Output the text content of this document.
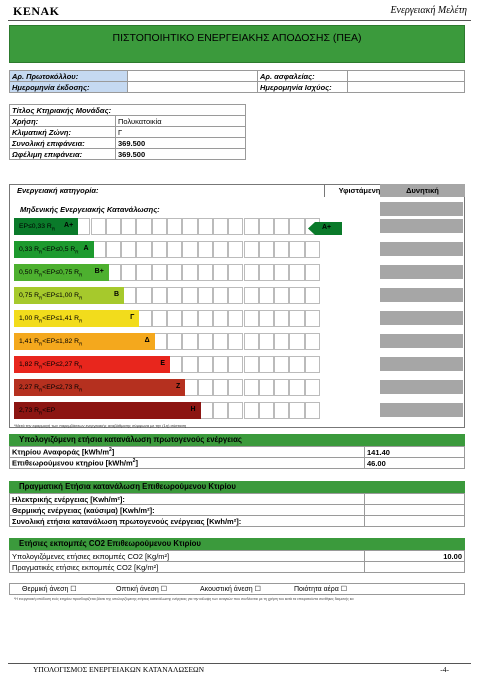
KENAK	Ενεργειακή Μελέτη
ΠΙΣΤΟΠΟΙΗΤΙΚΟ ΕΝΕΡΓΕΙΑΚΗΣ ΑΠΟΔΟΣΗΣ (ΠΕΑ)
Αρ. Πρωτοκόλλου:		Αρ. ασφαλείας:	
Ημερομηνία έκδοσης:		Ημερομηνία Ισχύος:	
Τίτλος Κτηριακής Μονάδας:		
Χρήση:	Πολυκατοικία	
Κλιματική Ζώνη:	Γ	
Συνολική επιφάνεια:	369.500	
Ωφέλιμη επιφάνεια:	369.500	
Ενεργειακή κατηγορία:	Υφιστάμενη	Δυνητική
Μηδενικής Ενεργειακής Κατανάλωσης:
EP≤0,33 $R_R$ A+
0,33 $R_R<EP\le 0,5$ $R_R$ A
0,50 $R_R<EP\le 0,75$ $R_R$ B+
0,75 $R_R<EP\le 1,00$ $R_R$	B
1,00 $R_R<EP\le 1,41$ $R_R$	Γ
1,41 $R_R<EP\le 1,82$ $R_R$	Δ
1,82 $R_R<EP\le 2,27$ $R_R$	Ε
2,27 $R_R<EP\le 2,73$ $R_R$	Ζ
2,73 $R_R<EP$	Η
A+
*Μετά την εφαρμογή των παρεμβάσεων ενεργειακής αναβάθμισης σύμφωνα με την (1η) σύσταση
Υπολογιζόμενη ετήσια κατανάλωση πρωτογενούς ενέργειας
Κτηρίου Αναφοράς $[kWh/m^2]$	141.40
Επιθεωρούμενου κτηρίου $[kWh/m^2]$	46.00
Πραγματική Ετήσια κατανάλωση Επιθεωρούμενου Κτιρίου
Ηλεκτρικής ενέργειας [Kwh/m²]:	
Θερμικής ενέργειας (καύσιμα) [Kwh/m²]:	
Συνολική ετήσια κατανάλωση πρωτογενούς ενέργειας [Kwh/m²]:	
Ετήσιες εκπομπές CO2 Επιθεωρούμενου Κτιρίου
Υπολογιζόμενες ετήσιες εκπομπές CO2 [Kg/m²]	10.00
Πραγματικές ετήσιες εκπομπές CO2 [Kg/m²]	
Θερμική άνεση ☐	Οπτική άνεση ☐	Ακουστική άνεση ☐	Ποιότητα αέρα ☐
*Η ενεργειακή απόδοση ενός κτηρίου προσδιορίζεται βάσει της υπολογιζόμενης ετήσιας κατανάλωσης ενέργειας για την κάλυψη των αναγκών που συνδέονται με τη χρήση του κατά τα επικρατούντα συνθήκες διαμονής κα
ΥΠΟΛΟΓΙΣΜΟΣ ΕΝΕΡΓΕΙΑΚΩΝ ΚΑΤΑΝΑΛΩΣΕΩΝ	-4-
